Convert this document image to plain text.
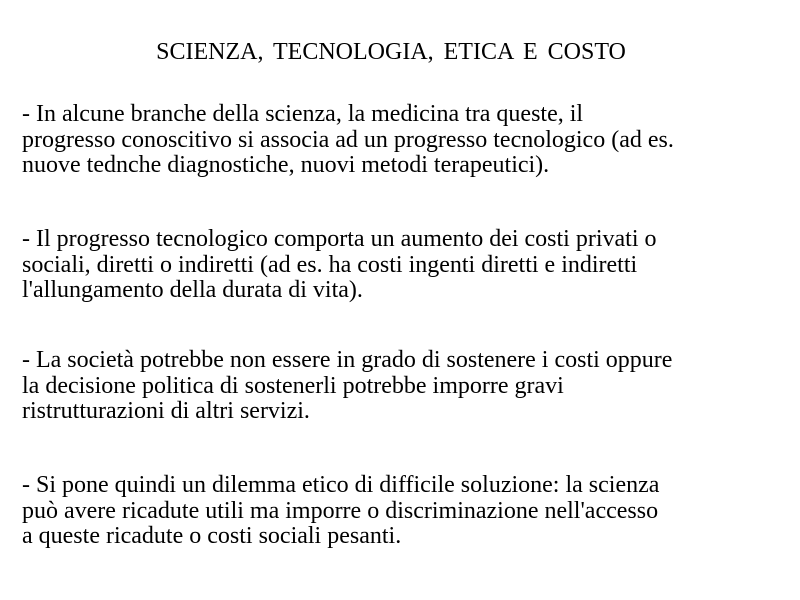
SCIENZA, TECNOLOGIA, ETICA E COSTO

- In alcune branche della scienza, la medicina tra queste, il
progresso conoscitivo si associa ad un progresso tecnologico (ad es.
nuove tednche diagnostiche, nuovi metodi terapeutici).

- Il progresso tecnologico comporta un aumento dei costi privati o
sociali, diretti o indiretti (ad es. ha costi ingenti diretti e indiretti
l'allungamento della durata di vita).

- La società potrebbe non essere in grado di sostenere i costi oppure
la decisione politica di sostenerli potrebbe imporre gravi
ristrutturazioni di altri servizi.

- Si pone quindi un dilemma etico di difficile soluzione: la scienza
può avere ricadute utili ma imporre o discriminazione nell'accesso
a queste ricadute o costi sociali pesanti.
